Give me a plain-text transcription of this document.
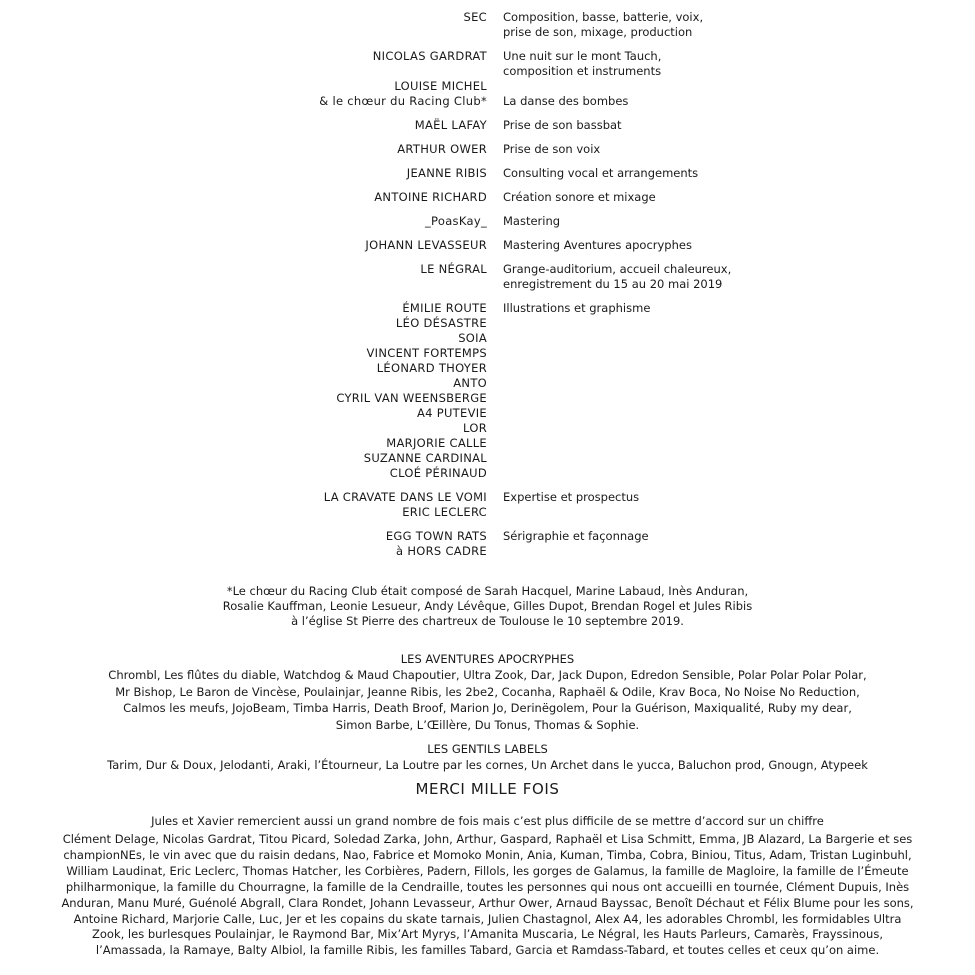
SEC Composition, basse, batterie, voix,
prise de son, mixage, production
NICOLAS GARDRAT

LOUISE MICHEL
& le chœur du Racing Club*
Une nuit sur le mont Tauch,
composition et instruments

La danse des bombes
MAËL LAFAY Prise de son bassbat
ARTHUR OWER Prise de son voix
JEANNE RIBIS Consulting vocal et arrangements
ANTOINE RICHARD Création sonore et mixage
_PoasKay_ Mastering
JOHANN LEVASSEUR Mastering Aventures apocryphes
LE NÉGRAL Grange-auditorium, accueil chaleureux,
enregistrement du 15 au 20 mai 2019
ÉMILIE ROUTE
LÉO DÉSASTRE
SOIA
VINCENT FORTEMPS
LÉONARD THOYER
ANTO
CYRIL VAN WEENSBERGE
A4 PUTEVIE
LOR
MARJORIE CALLE
SUZANNE CARDINAL
CLOÉ PÉRINAUD
Illustrations et graphisme
LA CRAVATE DANS LE VOMI
ERIC LECLERC
Expertise et prospectus
EGG TOWN RATS
à HORS CADRE
Sérigraphie et façonnage
*Le chœur du Racing Club était composé de Sarah Hacquel, Marine Labaud, Inès Anduran,
Rosalie Kauffman, Leonie Lesueur, Andy Lévêque, Gilles Dupot, Brendan Rogel et Jules Ribis
à l’église St Pierre des chartreux de Toulouse le 10 septembre 2019.
LES AVENTURES APOCRYPHES
Chrombl, Les flûtes du diable, Watchdog & Maud Chapoutier, Ultra Zook, Dar, Jack Dupon, Edredon Sensible, Polar Polar Polar Polar,
Mr Bishop, Le Baron de Vincèse, Poulainjar, Jeanne Ribis, les 2be2, Cocanha, Raphaël & Odile, Krav Boca, No Noise No Reduction,
Calmos les meufs, JojoBeam, Timba Harris, Death Broof, Marion Jo, Derinëgolem, Pour la Guérison, Maxiqualité, Ruby my dear,
Simon Barbe, L’Œillère, Du Tonus, Thomas & Sophie.
LES GENTILS LABELS
Tarim, Dur & Doux, Jelodanti, Araki, l’Étourneur, La Loutre par les cornes, Un Archet dans le yucca, Baluchon prod, Gnougn, Atypeek
MERCI MILLE FOIS
Jules et Xavier remercient aussi un grand nombre de fois mais c’est plus difficile de se mettre d’accord sur un chiffre
Clément Delage, Nicolas Gardrat, Titou Picard, Soledad Zarka, John, Arthur, Gaspard, Raphaël et Lisa Schmitt, Emma, JB Alazard, La Bargerie et ses
championNEs, le vin avec que du raisin dedans, Nao, Fabrice et Momoko Monin, Ania, Kuman, Timba, Cobra, Biniou, Titus, Adam, Tristan Luginbuhl,
William Laudinat, Eric Leclerc, Thomas Hatcher, les Corbières, Padern, Fillols, les gorges de Galamus, la famille de Magloire, la famille de l’Émeute
philharmonique, la famille du Chourragne, la famille de la Cendraille, toutes les personnes qui nous ont accueilli en tournée, Clément Dupuis, Inès
Anduran, Manu Muré, Guénolé Abgrall, Clara Rondet, Johann Levasseur, Arthur Ower, Arnaud Bayssac, Benoît Déchaut et Félix Blume pour les sons,
Antoine Richard, Marjorie Calle, Luc, Jer et les copains du skate tarnais, Julien Chastagnol, Alex A4, les adorables Chrombl, les formidables Ultra
Zook, les burlesques Poulainjar, le Raymond Bar, Mix’Art Myrys, l’Amanita Muscaria, Le Négral, les Hauts Parleurs, Camarès, Frayssinous,
l’Amassada, la Ramaye, Balty Albiol, la famille Ribis, les familles Tabard, Garcia et Ramdass-Tabard, et toutes celles et ceux qu’on aime.
